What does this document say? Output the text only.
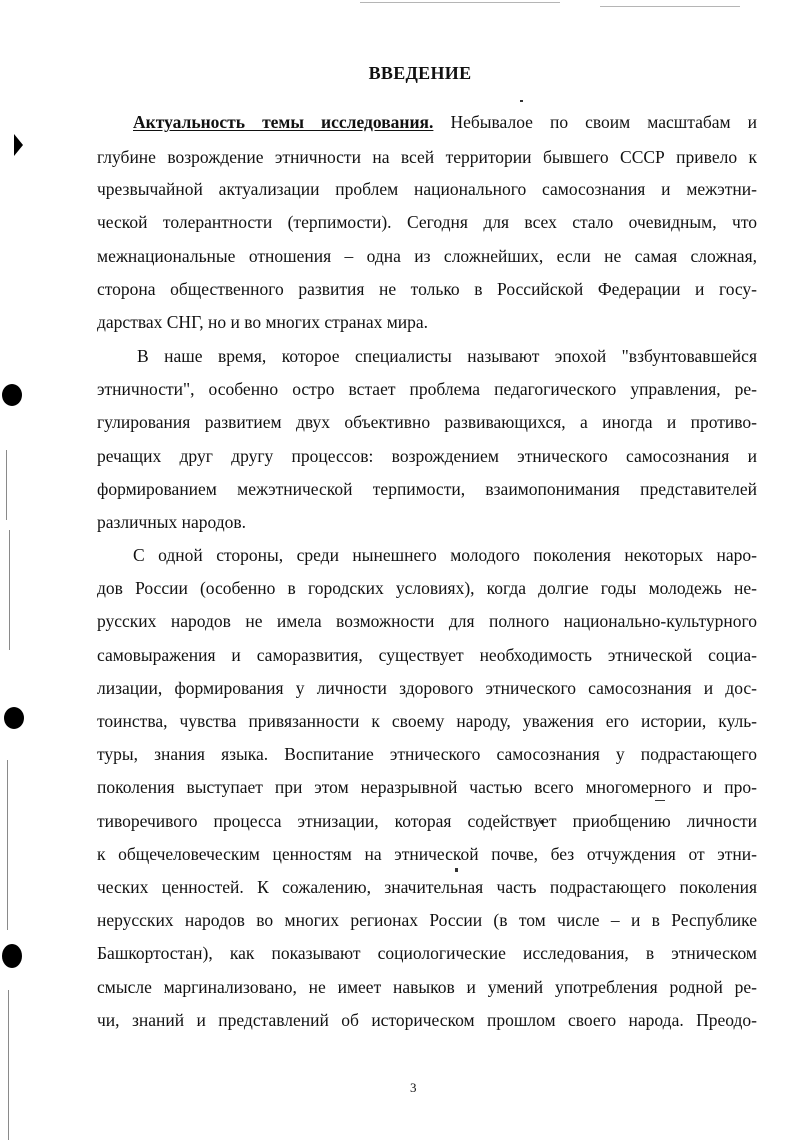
ВВЕДЕНИЕ
Актуальность темы исследования. Небывалое по своим масштабам и
глубине возрождение этничности на всей территории бывшего СССР привело к
чрезвычайной актуализации проблем национального самосознания и межэтни-
ческой толерантности (терпимости). Сегодня для всех стало очевидным, что
межнациональные отношения – одна из сложнейших, если не самая сложная,
сторона общественного развития не только в Российской Федерации и госу-
дарствах СНГ, но и во многих странах мира.
В наше время, которое специалисты называют эпохой "взбунтовавшейся
этничности", особенно остро встает проблема педагогического управления, ре-
гулирования развитием двух объективно развивающихся, а иногда и противо-
речащих друг другу процессов: возрождением этнического самосознания и
формированием межэтнической терпимости, взаимопонимания представителей
различных народов.
С одной стороны, среди нынешнего молодого поколения некоторых наро-
дов России (особенно в городских условиях), когда долгие годы молодежь не-
русских народов не имела возможности для полного национально-культурного
самовыражения и саморазвития, существует необходимость этнической социа-
лизации, формирования у личности здорового этнического самосознания и дос-
тоинства, чувства привязанности к своему народу, уважения его истории, куль-
туры, знания языка. Воспитание этнического самосознания у подрастающего
поколения выступает при этом неразрывной частью всего многомерного и про-
тиворечивого процесса этнизации, которая содействует приобщению личности
к общечеловеческим ценностям на этнической почве, без отчуждения от этни-
ческих ценностей. К сожалению, значительная часть подрастающего поколения
нерусских народов во многих регионах России (в том числе – и в Республике
Башкортостан), как показывают социологические исследования, в этническом
смысле маргинализовано, не имеет навыков и умений употребления родной ре-
чи, знаний и представлений об историческом прошлом своего народа. Преодо-
3
